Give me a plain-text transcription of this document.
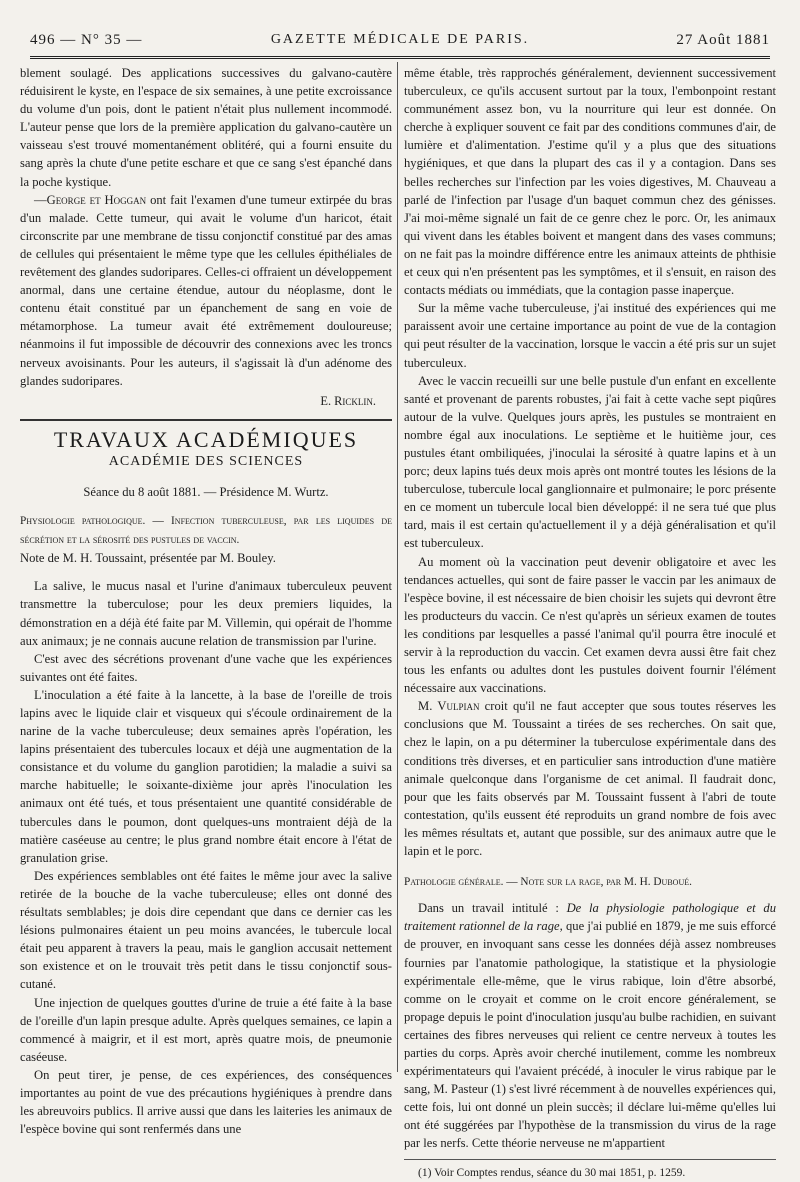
496 — N° 35 —	GAZETTE MÉDICALE DE PARIS.	27 Août 1881

blement soulagé. Des applications successives du galvano-cautère réduisirent le kyste, en l'espace de six semaines, à une petite excroissance du volume d'un pois, dont le patient n'était plus nullement incommodé. L'auteur pense que lors de la première application du galvano-cautère un vaisseau s'est trouvé momentanément oblitéré, qui a fourni ensuite du sang après la chute d'une petite eschare et que ce sang s'est épanché dans la poche kystique.

—George et Hoggan ont fait l'examen d'une tumeur extirpée du bras d'un malade. Cette tumeur, qui avait le volume d'un haricot, était circonscrite par une membrane de tissu conjonctif constitué par des amas de cellules qui présentaient le même type que les cellules épithéliales de revêtement des glandes sudoripares. Celles-ci offraient un développement anormal, dans une certaine étendue, autour du néoplasme, dont le contenu était constitué par un épanchement de sang en voie de métamorphose. La tumeur avait été extrêmement douloureuse; néanmoins il fut impossible de découvrir des connexions avec les troncs nerveux avoisinants. Pour les auteurs, il s'agissait là d'un adénome des glandes sudoripares.

E. Ricklin.
TRAVAUX ACADÉMIQUES
ACADÉMIE DES SCIENCES
Séance du 8 août 1881. — Présidence M. Wurtz.

Physiologie pathologique. — Infection tuberculeuse, par les liquides de sécrétion et la sérosité des pustules de vaccin.

Note de M. H. Toussaint, présentée par M. Bouley.

La salive, le mucus nasal et l'urine d'animaux tuberculeux peuvent transmettre la tuberculose; pour les deux premiers liquides, la démonstration en a déjà été faite par M. Villemin, qui opérait de l'homme aux animaux; je ne connais aucune relation de transmission par l'urine.

C'est avec des sécrétions provenant d'une vache que les expériences suivantes ont été faites.

L'inoculation a été faite à la lancette, à la base de l'oreille de trois lapins avec le liquide clair et visqueux qui s'écoule ordinairement de la narine de la vache tuberculeuse; deux semaines après l'opération, les lapins présentaient des tubercules locaux et déjà une augmentation de la consistance et du volume du ganglion parotidien; la maladie a suivi sa marche habituelle; le soixante-dixième jour après l'inoculation les animaux ont été tués, et tous présentaient une quantité considérable de tubercules dans le poumon, dont quelques-uns montraient déjà de la matière caséeuse au centre; le plus grand nombre était encore à l'état de granulation grise.

Des expériences semblables ont été faites le même jour avec la salive retirée de la bouche de la vache tuberculeuse; elles ont donné des résultats semblables; je dois dire cependant que dans ce dernier cas les lésions pulmonaires étaient un peu moins avancées, le tubercule local était peu apparent à travers la peau, mais le ganglion accusait nettement son existence et on le trouvait très petit dans le tissu conjonctif sous-cutané.

Une injection de quelques gouttes d'urine de truie a été faite à la base de l'oreille d'un lapin presque adulte. Après quelques semaines, ce lapin a commencé à maigrir, et il est mort, après quatre mois, de pneumonie caséeuse.

On peut tirer, je pense, de ces expériences, des conséquences importantes au point de vue des précautions hygiéniques à prendre dans les abreuvoirs publics. Il arrive aussi que dans les laiteries les animaux de l'espèce bovine qui sont renfermés dans une

même étable, très rapprochés généralement, deviennent successivement tuberculeux, ce qu'ils accusent surtout par la toux, l'embonpoint restant communément assez bon, vu la nourriture qui leur est donnée. On cherche à expliquer souvent ce fait par des conditions communes d'air, de lumière et d'alimentation. J'estime qu'il y a plus que des situations hygiéniques, et que dans la plupart des cas il y a contagion. Dans ses belles recherches sur l'infection par les voies digestives, M. Chauveau a parlé de l'infection par l'usage d'un baquet commun chez des génisses. J'ai moi-même signalé un fait de ce genre chez le porc. Or, les animaux qui vivent dans les étables boivent et mangent dans des vases communs; on ne fait pas la moindre différence entre les animaux atteints de phthisie et ceux qui n'en présentent pas les symptômes, et il s'ensuit, en raison des contacts médiats ou immédiats, que la contagion passe inaperçue.

Sur la même vache tuberculeuse, j'ai institué des expériences qui me paraissent avoir une certaine importance au point de vue de la contagion qui peut résulter de la vaccination, lorsque le vaccin a été pris sur un sujet tuberculeux.

Avec le vaccin recueilli sur une belle pustule d'un enfant en excellente santé et provenant de parents robustes, j'ai fait à cette vache sept piqûres autour de la vulve. Quelques jours après, les pustules se montraient en nombre égal aux inoculations. Le septième et le huitième jour, ces pustules étant ombiliquées, j'inoculai la sérosité à quatre lapins et à un porc; deux lapins tués deux mois après ont montré toutes les lésions de la tuberculose, tubercule local ganglionnaire et pulmonaire; le porc présente en ce moment un tubercule local bien développé: il ne sera tué que plus tard, mais il est certain qu'actuellement il y a déjà généralisation et qu'il est tuberculeux.

Au moment où la vaccination peut devenir obligatoire et avec les tendances actuelles, qui sont de faire passer le vaccin par les animaux de l'espèce bovine, il est nécessaire de bien choisir les sujets qui devront être les producteurs du vaccin. Ce n'est qu'après un sérieux examen de toutes les conditions par lesquelles a passé l'animal qu'il pourra être inoculé et servir à la reproduction du vaccin. Cet examen devra aussi être fait chez tous les enfants ou adultes dont les pustules doivent fournir l'élément nécessaire aux vaccinations.

M. Vulpian croit qu'il ne faut accepter que sous toutes réserves les conclusions que M. Toussaint a tirées de ses recherches. On sait que, chez le lapin, on a pu déterminer la tuberculose expérimentale dans des conditions très diverses, et en particulier sans introduction d'une matière animale quelconque dans l'organisme de cet animal. Il faudrait donc, pour que les faits observés par M. Toussaint fussent à l'abri de toute contestation, qu'ils eussent été reproduits un grand nombre de fois avec les mêmes résultats et, autant que possible, sur des animaux autre que le lapin et le porc.

Pathologie générale. — Note sur la rage, par M. H. Duboué.

Dans un travail intitulé : De la physiologie pathologique et du traitement rationnel de la rage, que j'ai publié en 1879, je me suis efforcé de prouver, en invoquant sans cesse les données déjà assez nombreuses fournies par l'anatomie pathologique, la statistique et la physiologie expérimentale elle-même, que le virus rabique, loin d'être absorbé, comme on le croyait et comme on le croit encore généralement, se propage depuis le point d'inoculation jusqu'au bulbe rachidien, en suivant certaines des fibres nerveuses qui relient ce centre nerveux à toutes les parties du corps. Après avoir cherché inutilement, comme les nombreux expérimentateurs qui l'avaient précédé, à inoculer le virus rabique par le sang, M. Pasteur (1) s'est livré récemment à de nouvelles expériences qui, cette fois, lui ont donné un plein succès; il déclare lui-même qu'elles lui ont été suggérées par l'hypothèse de la transmission du virus de la rage par les nerfs. Cette théorie nerveuse ne m'appartient

(1) Voir Comptes rendus, séance du 30 mai 1851, p. 1259.
